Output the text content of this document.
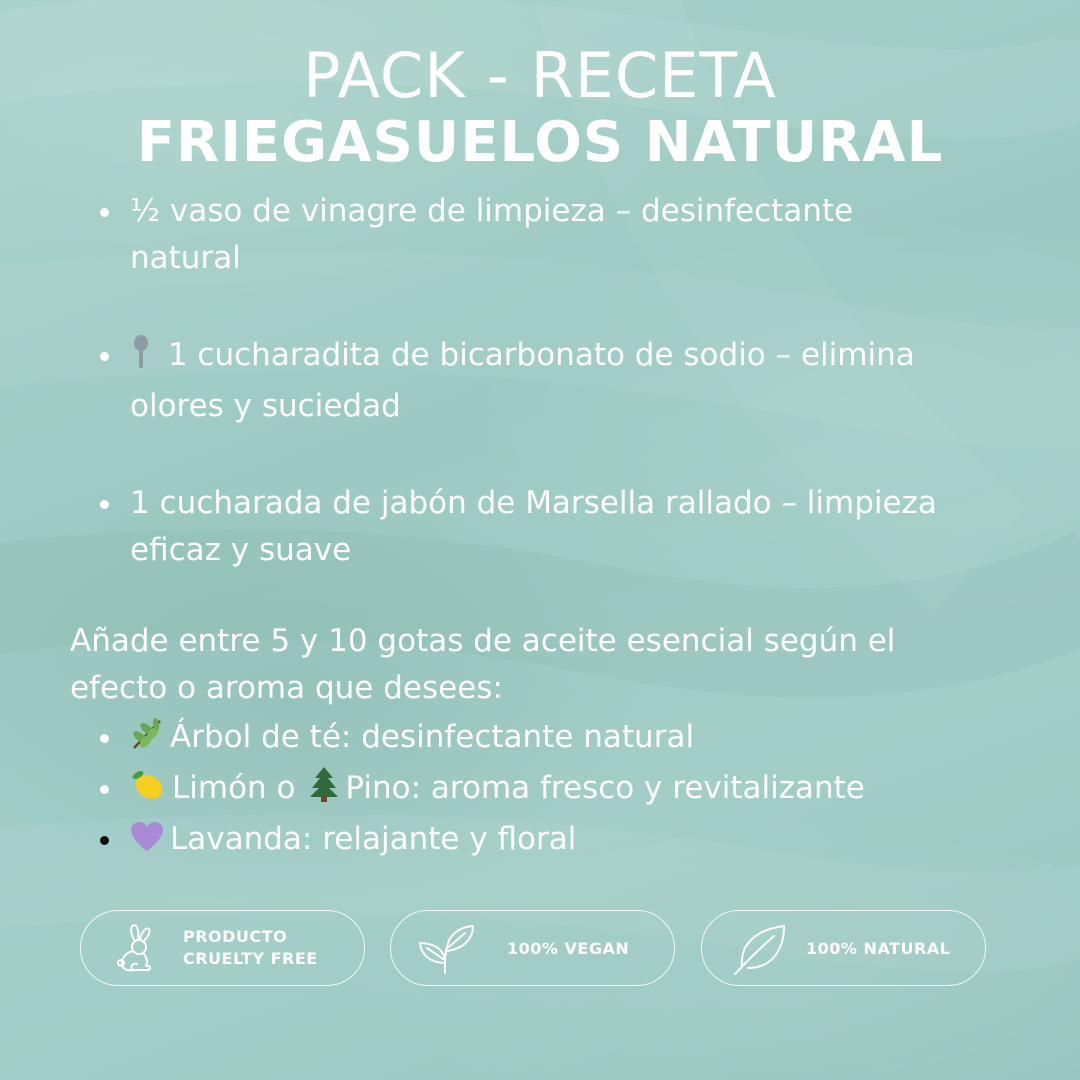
PACK - RECETA
FRIEGASUELOS NATURAL
½ vaso de vinagre de limpieza – desinfectante natural
1 cucharadita de bicarbonato de sodio – elimina olores y suciedad
1 cucharada de jabón de Marsella rallado – limpieza eficaz y suave

Añade entre 5 y 10 gotas de aceite esencial según el efecto o aroma que desees:

Árbol de té: desinfectante natural
Limón o Pino: aroma fresco y revitalizante
Lavanda: relajante y floral
PRODUCTO
CRUELTY FREE
100% VEGAN	100% NATURAL
